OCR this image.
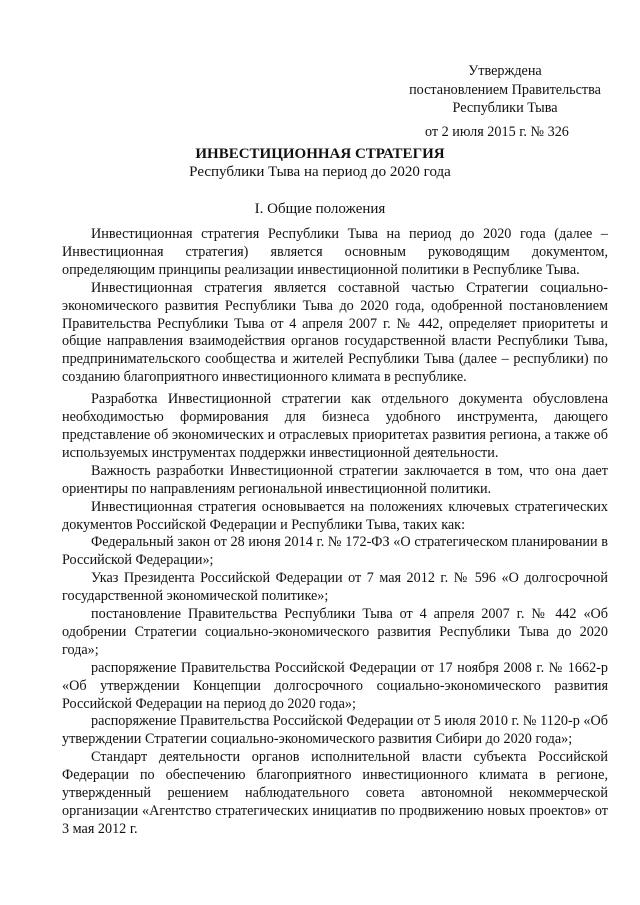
Утверждена
постановлением Правительства
Республики Тыва
от 2 июля 2015 г. № 326
ИНВЕСТИЦИОННАЯ СТРАТЕГИЯ
Республики Тыва на период до 2020 года
I. Общие положения

Инвестиционная стратегия Республики Тыва на период до 2020 года (далее – Инвестиционная стратегия) является основным руководящим документом, определяющим принципы реализации инвестиционной политики в Республике Тыва.

Инвестиционная стратегия является составной частью Стратегии социально-экономического развития Республики Тыва до 2020 года, одобренной постановлением Правительства Республики Тыва от 4 апреля 2007 г. № 442, определяет приоритеты и общие направления взаимодействия органов государственной власти Республики Тыва, предпринимательского сообщества и жителей Республики Тыва (далее – республики) по созданию благоприятного инвестиционного климата в республике.

Разработка Инвестиционной стратегии как отдельного документа обусловлена необходимостью формирования для бизнеса удобного инструмента, дающего представление об экономических и отраслевых приоритетах развития региона, а также об используемых инструментах поддержки инвестиционной деятельности.

Важность разработки Инвестиционной стратегии заключается в том, что она дает ориентиры по направлениям региональной инвестиционной политики.

Инвестиционная стратегия основывается на положениях ключевых стратегических документов Российской Федерации и Республики Тыва, таких как:

Федеральный закон от 28 июня 2014 г. № 172-ФЗ «О стратегическом планировании в Российской Федерации»;

Указ Президента Российской Федерации от 7 мая 2012 г. № 596 «О долгосрочной государственной экономической политике»;

постановление Правительства Республики Тыва от 4 апреля 2007 г. № 442 «Об одобрении Стратегии социально-экономического развития Республики Тыва до 2020 года»;

распоряжение Правительства Российской Федерации от 17 ноября 2008 г. № 1662-р «Об утверждении Концепции долгосрочного социально-экономического развития Российской Федерации на период до 2020 года»;

распоряжение Правительства Российской Федерации от 5 июля 2010 г. № 1120-р «Об утверждении Стратегии социально-экономического развития Сибири до 2020 года»;

Стандарт деятельности органов исполнительной власти субъекта Российской Федерации по обеспечению благоприятного инвестиционного климата в регионе, утвержденный решением наблюдательного совета автономной некоммерческой организации «Агентство стратегических инициатив по продвижению новых проектов» от 3 мая 2012 г.
